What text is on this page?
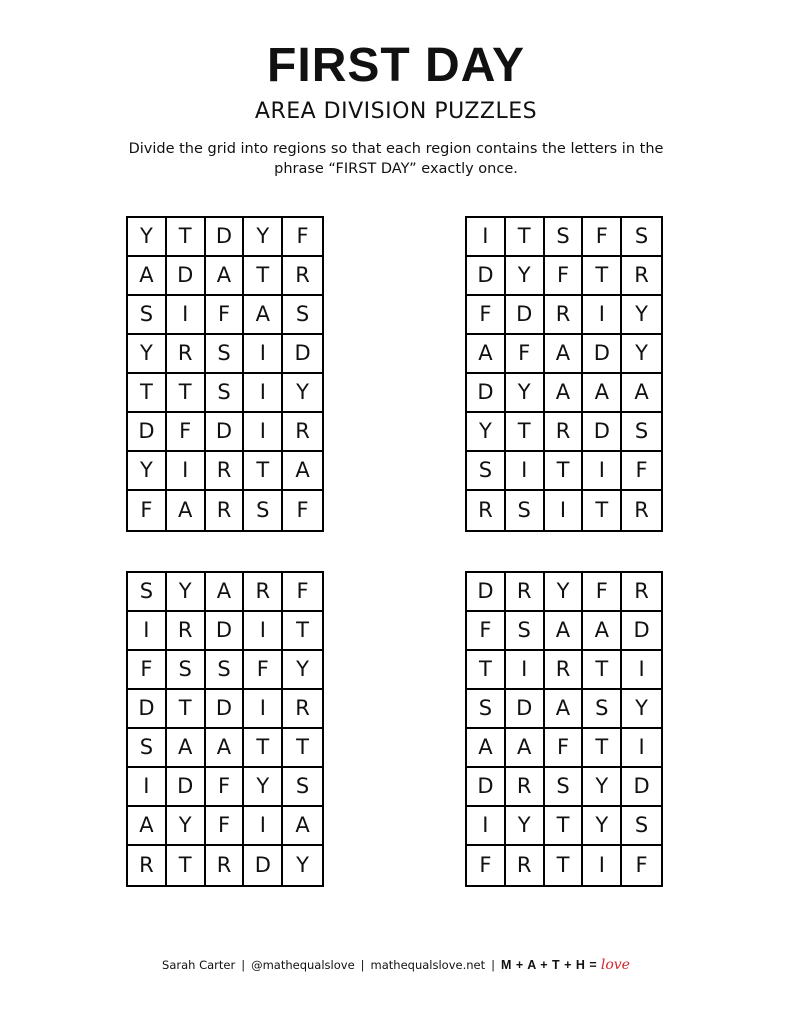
FIRST DAY
AREA DIVISION PUZZLES
Divide the grid into regions so that each region contains the letters in the phrase “FIRST DAY” exactly once.
Y	T	D	Y	F
A	D	A	T	R
S	I	F	A	S
Y	R	S	I	D
T	T	S	I	Y
D	F	D	I	R
Y	I	R	T	A
F	A	R	S	F
I	T	S	F	S
D	Y	F	T	R
F	D	R	I	Y
A	F	A	D	Y
D	Y	A	A	A
Y	T	R	D	S
S	I	T	I	F
R	S	I	T	R
S	Y	A	R	F
I	R	D	I	T
F	S	S	F	Y
D	T	D	I	R
S	A	A	T	T
I	D	F	Y	S
A	Y	F	I	A
R	T	R	D	Y
D	R	Y	F	R
F	S	A	A	D
T	I	R	T	I
S	D	A	S	Y
A	A	F	T	I
D	R	S	Y	D
I	Y	T	Y	S
F	R	T	I	F
Sarah Carter | @mathequalslove | mathequalslove.net | M + A + T + H = love
